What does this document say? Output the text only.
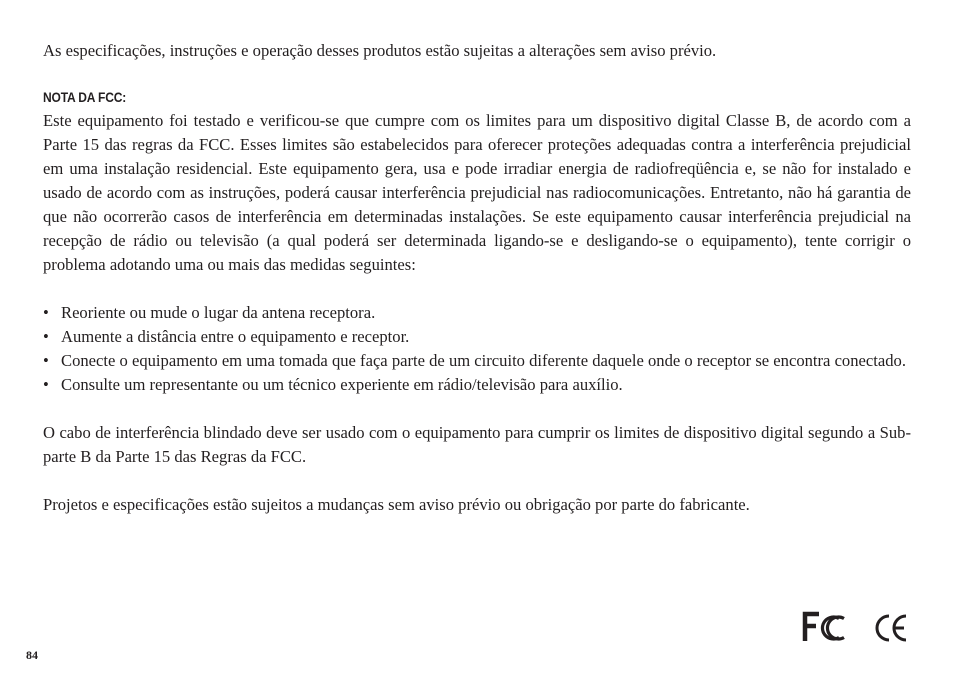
As especificações, instruções e operação desses produtos estão sujeitas a alterações sem aviso prévio.

NOTA DA FCC:

Este equipamento foi testado e verificou-se que cumpre com os limites para um dispositivo digital Classe B, de acordo com a Parte 15 das regras da FCC. Esses limites são estabelecidos para oferecer proteções adequadas contra a interferência prejudicial em uma instalação residencial. Este equipamento gera, usa e pode irradiar energia de radiofreqüência e, se não for instalado e usado de acordo com as instruções, poderá causar interferência prejudicial nas radiocomunicações. Entretanto, não há garantia de que não ocorrerão casos de interferência em determinadas instalações. Se este equipamento causar interferência prejudicial na recepção de rádio ou televisão (a qual poderá ser determinada ligando-se e desligando-se o equipamento), tente corrigir o problema adotando uma ou mais das medidas seguintes:

• Reoriente ou mude o lugar da antena receptora.
• Aumente a distância entre o equipamento e receptor.
• Conecte o equipamento em uma tomada que faça parte de um circuito diferente daquele onde o receptor se encontra conectado.
• Consulte um representante ou um técnico experiente em rádio/televisão para auxílio.

O cabo de interferência blindado deve ser usado com o equipamento para cumprir os limites de dispositivo digital segundo a Sub-parte B da Parte 15 das Regras da FCC.

Projetos e especificações estão sujeitos a mudanças sem aviso prévio ou obrigação por parte do fabricante.

84
